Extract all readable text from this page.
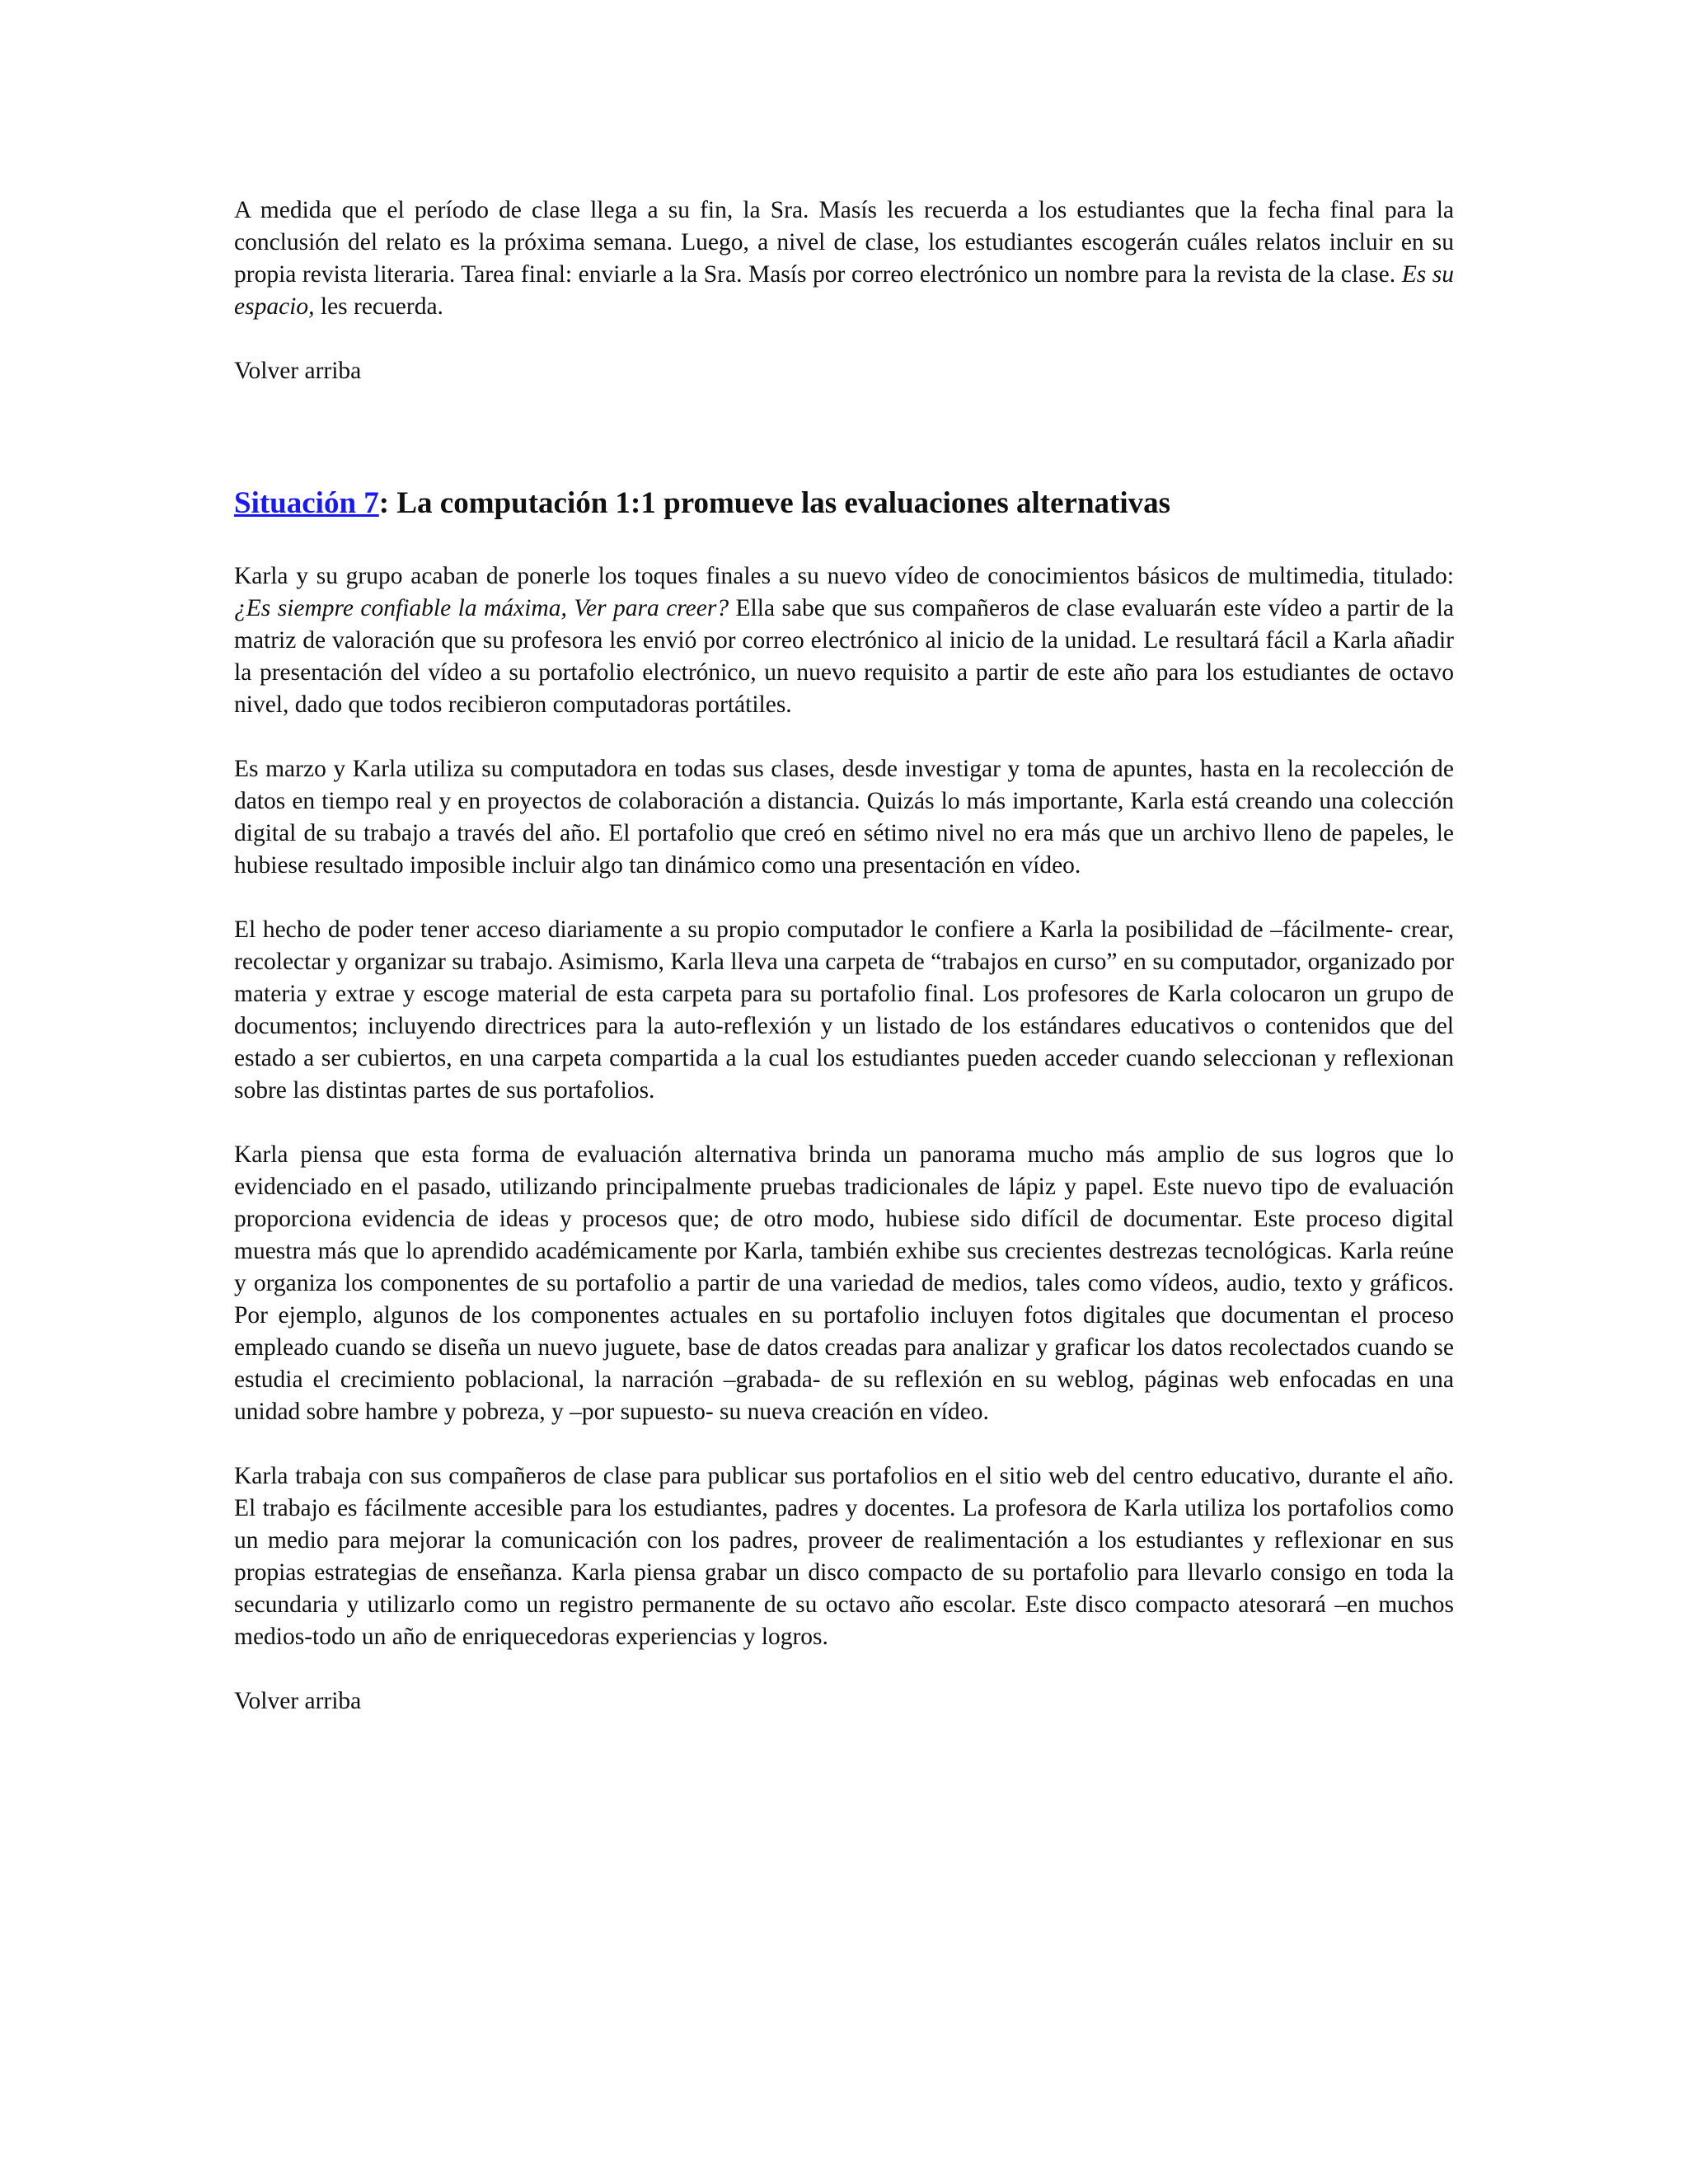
A medida que el período de clase llega a su fin, la Sra. Masís les recuerda a los estudiantes que la fecha final para la conclusión del relato es la próxima semana. Luego, a nivel de clase, los estudiantes escogerán cuáles relatos incluir en su propia revista literaria. Tarea final: enviarle a la Sra. Masís por correo electrónico un nombre para la revista de la clase. Es su espacio, les recuerda.

Volver arriba
Situación 7: La computación 1:1 promueve las evaluaciones alternativas

Karla y su grupo acaban de ponerle los toques finales a su nuevo vídeo de conocimientos básicos de multimedia, titulado: ¿Es siempre confiable la máxima, Ver para creer? Ella sabe que sus compañeros de clase evaluarán este vídeo a partir de la matriz de valoración que su profesora les envió por correo electrónico al inicio de la unidad. Le resultará fácil a Karla añadir la presentación del vídeo a su portafolio electrónico, un nuevo requisito a partir de este año para los estudiantes de octavo nivel, dado que todos recibieron computadoras portátiles.

Es marzo y Karla utiliza su computadora en todas sus clases, desde investigar y toma de apuntes, hasta en la recolección de datos en tiempo real y en proyectos de colaboración a distancia. Quizás lo más importante, Karla está creando una colección digital de su trabajo a través del año. El portafolio que creó en sétimo nivel no era más que un archivo lleno de papeles, le hubiese resultado imposible incluir algo tan dinámico como una presentación en vídeo.

El hecho de poder tener acceso diariamente a su propio computador le confiere a Karla la posibilidad de –fácilmente- crear, recolectar y organizar su trabajo. Asimismo, Karla lleva una carpeta de “trabajos en curso” en su computador, organizado por materia y extrae y escoge material de esta carpeta para su portafolio final. Los profesores de Karla colocaron un grupo de documentos; incluyendo directrices para la auto-reflexión y un listado de los estándares educativos o contenidos que del estado a ser cubiertos, en una carpeta compartida a la cual los estudiantes pueden acceder cuando seleccionan y reflexionan sobre las distintas partes de sus portafolios.

Karla piensa que esta forma de evaluación alternativa brinda un panorama mucho más amplio de sus logros que lo evidenciado en el pasado, utilizando principalmente pruebas tradicionales de lápiz y papel. Este nuevo tipo de evaluación proporciona evidencia de ideas y procesos que; de otro modo, hubiese sido difícil de documentar. Este proceso digital muestra más que lo aprendido académicamente por Karla, también exhibe sus crecientes destrezas tecnológicas. Karla reúne y organiza los componentes de su portafolio a partir de una variedad de medios, tales como vídeos, audio, texto y gráficos. Por ejemplo, algunos de los componentes actuales en su portafolio incluyen fotos digitales que documentan el proceso empleado cuando se diseña un nuevo juguete, base de datos creadas para analizar y graficar los datos recolectados cuando se estudia el crecimiento poblacional, la narración –grabada- de su reflexión en su weblog, páginas web enfocadas en una unidad sobre hambre y pobreza, y –por supuesto- su nueva creación en vídeo.

Karla trabaja con sus compañeros de clase para publicar sus portafolios en el sitio web del centro educativo, durante el año. El trabajo es fácilmente accesible para los estudiantes, padres y docentes. La profesora de Karla utiliza los portafolios como un medio para mejorar la comunicación con los padres, proveer de realimentación a los estudiantes y reflexionar en sus propias estrategias de enseñanza. Karla piensa grabar un disco compacto de su portafolio para llevarlo consigo en toda la secundaria y utilizarlo como un registro permanente de su octavo año escolar. Este disco compacto atesorará –en muchos medios-todo un año de enriquecedoras experiencias y logros.

Volver arriba
